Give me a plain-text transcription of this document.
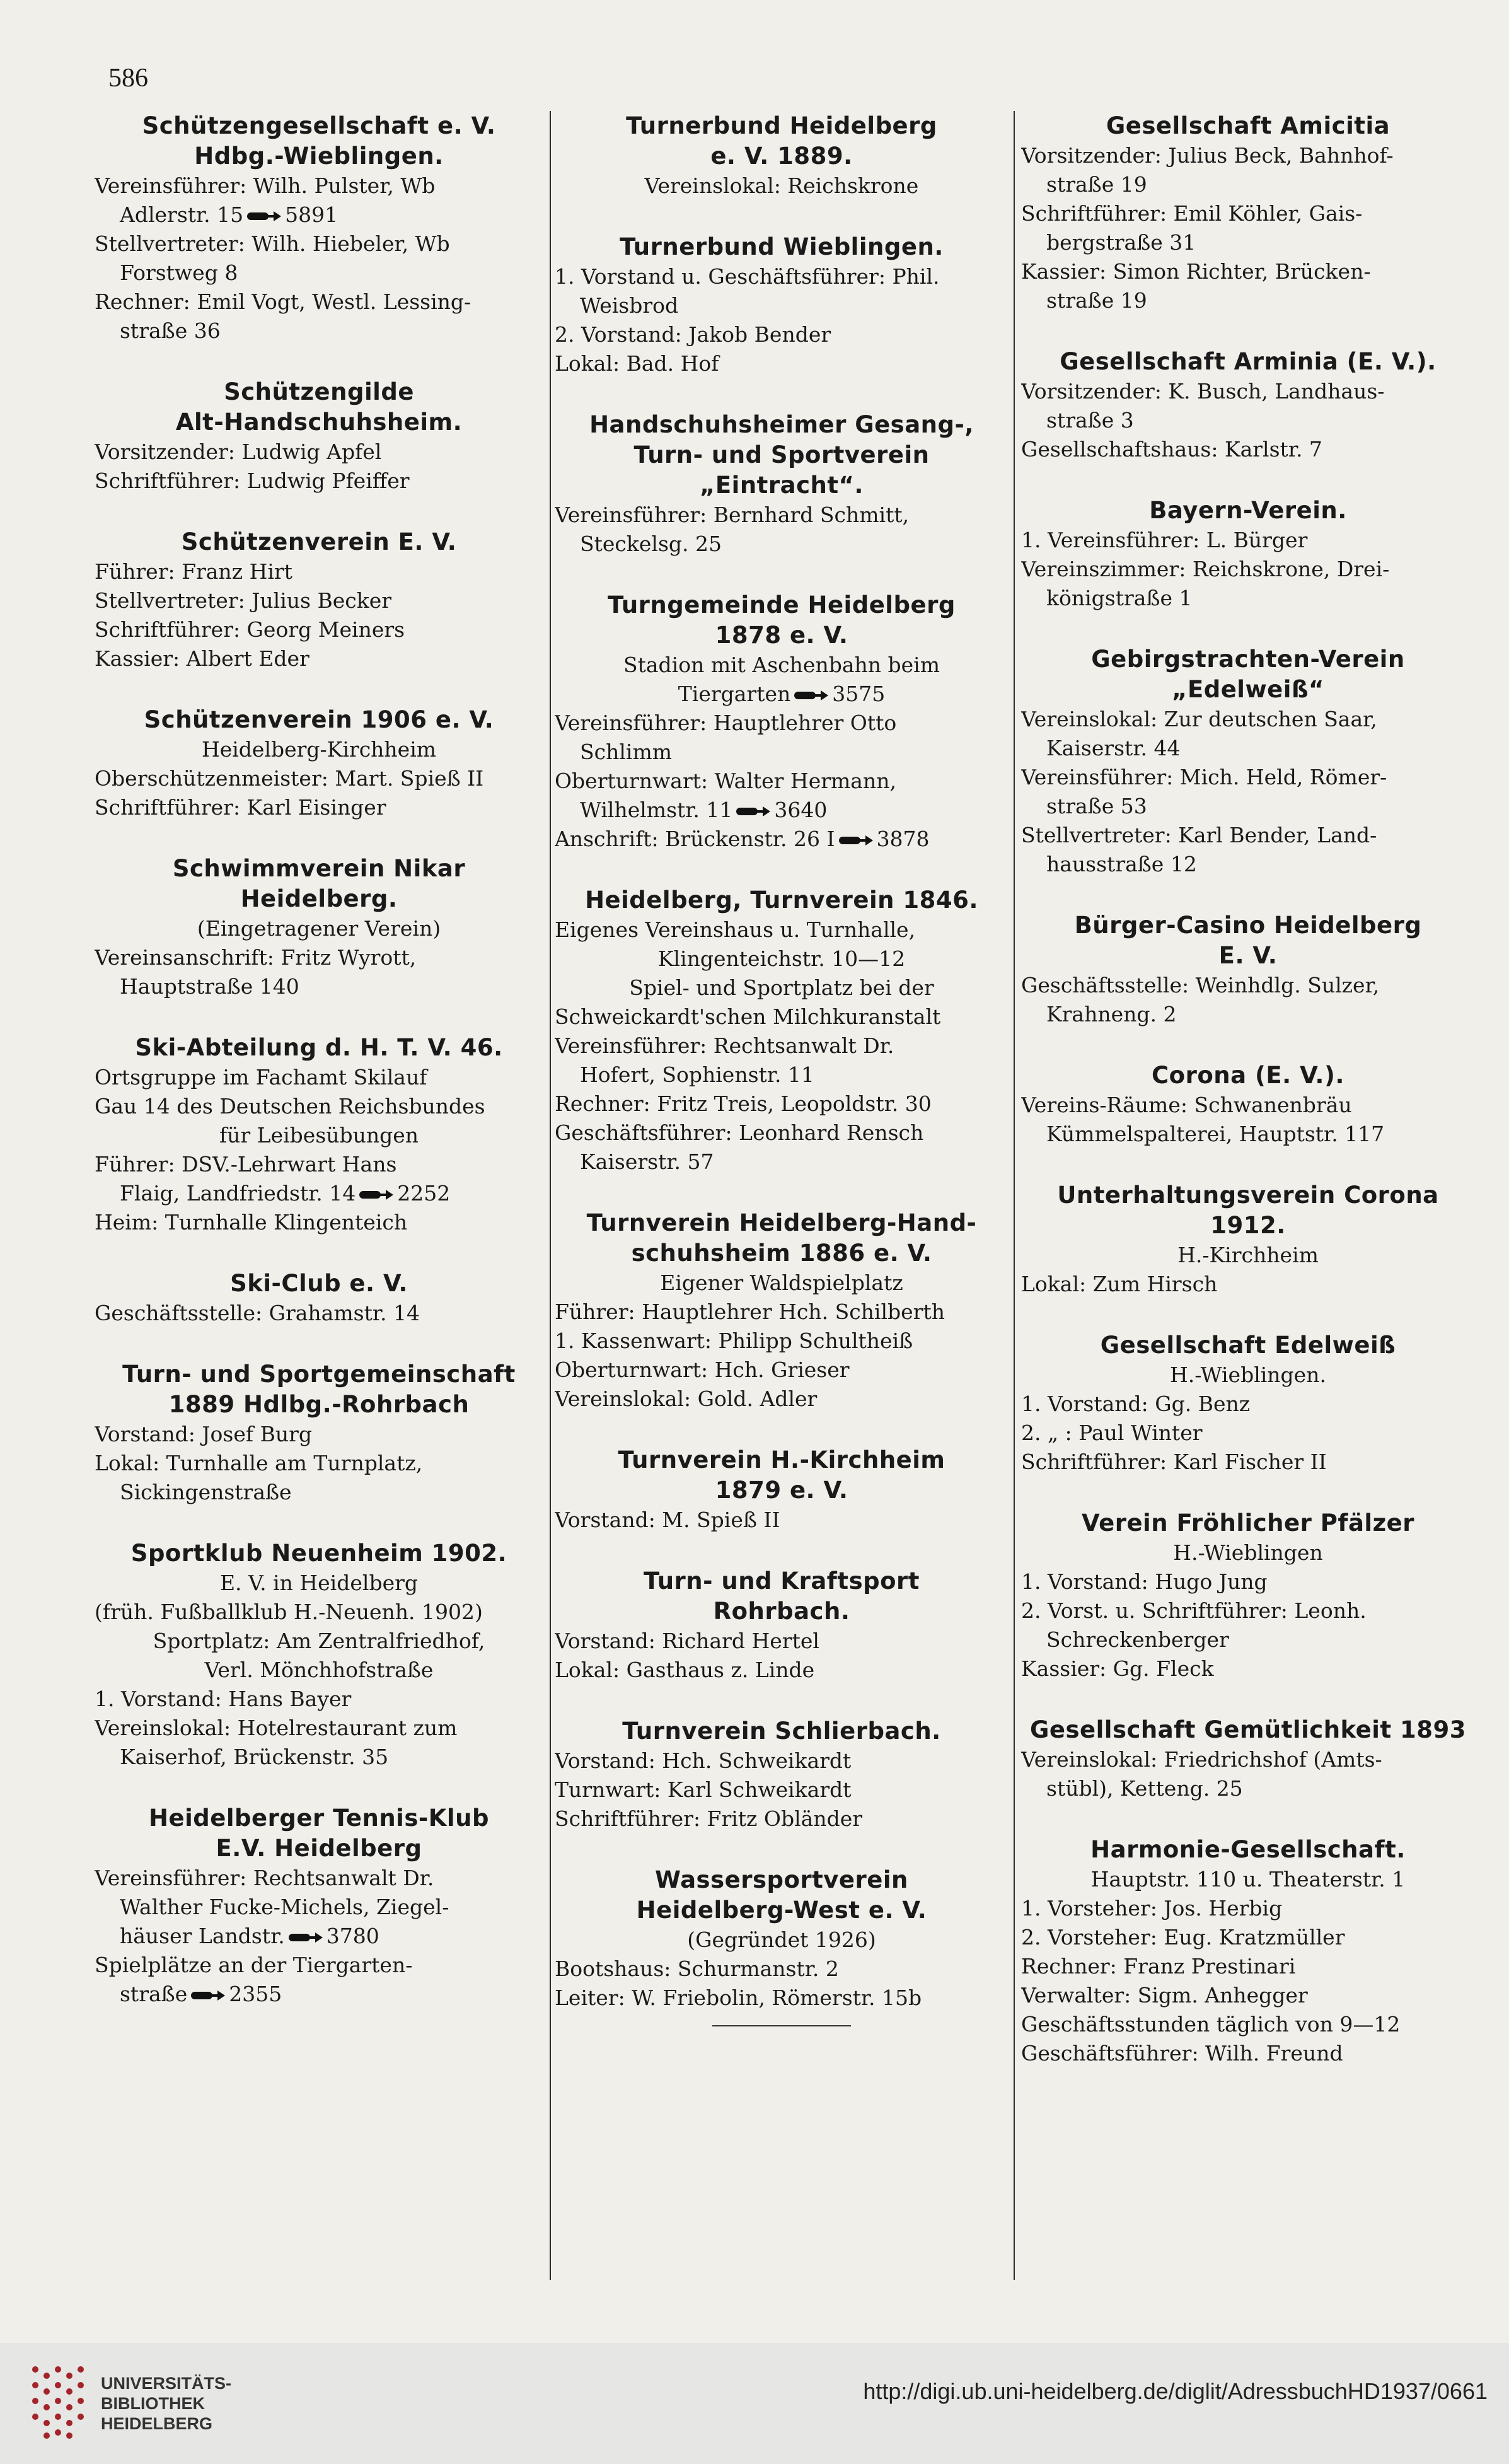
586
Schützengesellschaft e. V.
Hdbg.-Wieblingen.
Vereinsführer: Wilh. Pulster, Wb
Adlerstr. 15 5891
Stellvertreter: Wilh. Hiebeler, Wb
Forstweg 8
Rechner: Emil Vogt, Westl. Lessing-
straße 36
Schützengilde
Alt-Handschuhsheim.
Vorsitzender: Ludwig Apfel
Schriftführer: Ludwig Pfeiffer
Schützenverein E. V.
Führer: Franz Hirt
Stellvertreter: Julius Becker
Schriftführer: Georg Meiners
Kassier: Albert Eder
Schützenverein 1906 e. V.
Heidelberg-Kirchheim
Oberschützenmeister: Mart. Spieß II
Schriftführer: Karl Eisinger
Schwimmverein Nikar
Heidelberg.
(Eingetragener Verein)
Vereinsanschrift: Fritz Wyrott,
Hauptstraße 140
Ski-Abteilung d. H. T. V. 46.
Ortsgruppe im Fachamt Skilauf
Gau 14 des Deutschen Reichsbundes
für Leibesübungen
Führer: DSV.-Lehrwart Hans
Flaig, Landfriedstr. 14 2252
Heim: Turnhalle Klingenteich
Ski-Club e. V.
Geschäftsstelle: Grahamstr. 14
Turn- und Sportgemeinschaft
1889 Hdlbg.-Rohrbach
Vorstand: Josef Burg
Lokal: Turnhalle am Turnplatz,
Sickingenstraße
Sportklub Neuenheim 1902.
E. V. in Heidelberg
(früh. Fußballklub H.-Neuenh. 1902)
Sportplatz: Am Zentralfriedhof,
Verl. Mönchhofstraße
1. Vorstand: Hans Bayer
Vereinslokal: Hotelrestaurant zum
Kaiserhof, Brückenstr. 35
Heidelberger Tennis-Klub
E.V. Heidelberg
Vereinsführer: Rechtsanwalt Dr.
Walther Fucke-Michels, Ziegel-
häuser Landstr. 3780
Spielplätze an der Tiergarten-
straße 2355
Turnerbund Heidelberg
e. V. 1889.
Vereinslokal: Reichskrone
Turnerbund Wieblingen.
1. Vorstand u. Geschäftsführer: Phil.
Weisbrod
2. Vorstand: Jakob Bender
Lokal: Bad. Hof
Handschuhsheimer Gesang-,
Turn- und Sportverein
„Eintracht“.
Vereinsführer: Bernhard Schmitt,
Steckelsg. 25
Turngemeinde Heidelberg
1878 e. V.
Stadion mit Aschenbahn beim
Tiergarten 3575
Vereinsführer: Hauptlehrer Otto
Schlimm
Oberturnwart: Walter Hermann,
Wilhelmstr. 11 3640
Anschrift: Brückenstr. 26 I 3878
Heidelberg, Turnverein 1846.
Eigenes Vereinshaus u. Turnhalle,
Klingenteichstr. 10—12
Spiel- und Sportplatz bei der
Schweickardt'schen Milchkuranstalt
Vereinsführer: Rechtsanwalt Dr.
Hofert, Sophienstr. 11
Rechner: Fritz Treis, Leopoldstr. 30
Geschäftsführer: Leonhard Rensch
Kaiserstr. 57
Turnverein Heidelberg-Hand-
schuhsheim 1886 e. V.
Eigener Waldspielplatz
Führer: Hauptlehrer Hch. Schilberth
1. Kassenwart: Philipp Schultheiß
Oberturnwart: Hch. Grieser
Vereinslokal: Gold. Adler
Turnverein H.-Kirchheim
1879 e. V.
Vorstand: M. Spieß II
Turn- und Kraftsport
Rohrbach.
Vorstand: Richard Hertel
Lokal: Gasthaus z. Linde
Turnverein Schlierbach.
Vorstand: Hch. Schweikardt
Turnwart: Karl Schweikardt
Schriftführer: Fritz Obländer
Wassersportverein
Heidelberg-West e. V.
(Gegründet 1926)
Bootshaus: Schurmanstr. 2
Leiter: W. Friebolin, Römerstr. 15b
Gesellschaft Amicitia
Vorsitzender: Julius Beck, Bahnhof-
straße 19
Schriftführer: Emil Köhler, Gais-
bergstraße 31
Kassier: Simon Richter, Brücken-
straße 19
Gesellschaft Arminia (E. V.).
Vorsitzender: K. Busch, Landhaus-
straße 3
Gesellschaftshaus: Karlstr. 7
Bayern-Verein.
1. Vereinsführer: L. Bürger
Vereinszimmer: Reichskrone, Drei-
königstraße 1
Gebirgstrachten-Verein
„Edelweiß“
Vereinslokal: Zur deutschen Saar,
Kaiserstr. 44
Vereinsführer: Mich. Held, Römer-
straße 53
Stellvertreter: Karl Bender, Land-
hausstraße 12
Bürger-Casino Heidelberg
E. V.
Geschäftsstelle: Weinhdlg. Sulzer,
Krahneng. 2
Corona (E. V.).
Vereins-Räume: Schwanenbräu
Kümmelspalterei, Hauptstr. 117
Unterhaltungsverein Corona
1912.
H.-Kirchheim
Lokal: Zum Hirsch
Gesellschaft Edelweiß
H.-Wieblingen.
1. Vorstand: Gg. Benz
2. „ : Paul Winter
Schriftführer: Karl Fischer II
Verein Fröhlicher Pfälzer
H.-Wieblingen
1. Vorstand: Hugo Jung
2. Vorst. u. Schriftführer: Leonh.
Schreckenberger
Kassier: Gg. Fleck
Gesellschaft Gemütlichkeit 1893
Vereinslokal: Friedrichshof (Amts-
stübl), Ketteng. 25
Harmonie-Gesellschaft.
Hauptstr. 110 u. Theaterstr. 1
1. Vorsteher: Jos. Herbig
2. Vorsteher: Eug. Kratzmüller
Rechner: Franz Prestinari
Verwalter: Sigm. Anhegger
Geschäftsstunden täglich von 9—12
Geschäftsführer: Wilh. Freund
UNIVERSITÄTS-
BIBLIOTHEK
HEIDELBERG
http://digi.ub.uni-heidelberg.de/diglit/AdressbuchHD1937/0661
